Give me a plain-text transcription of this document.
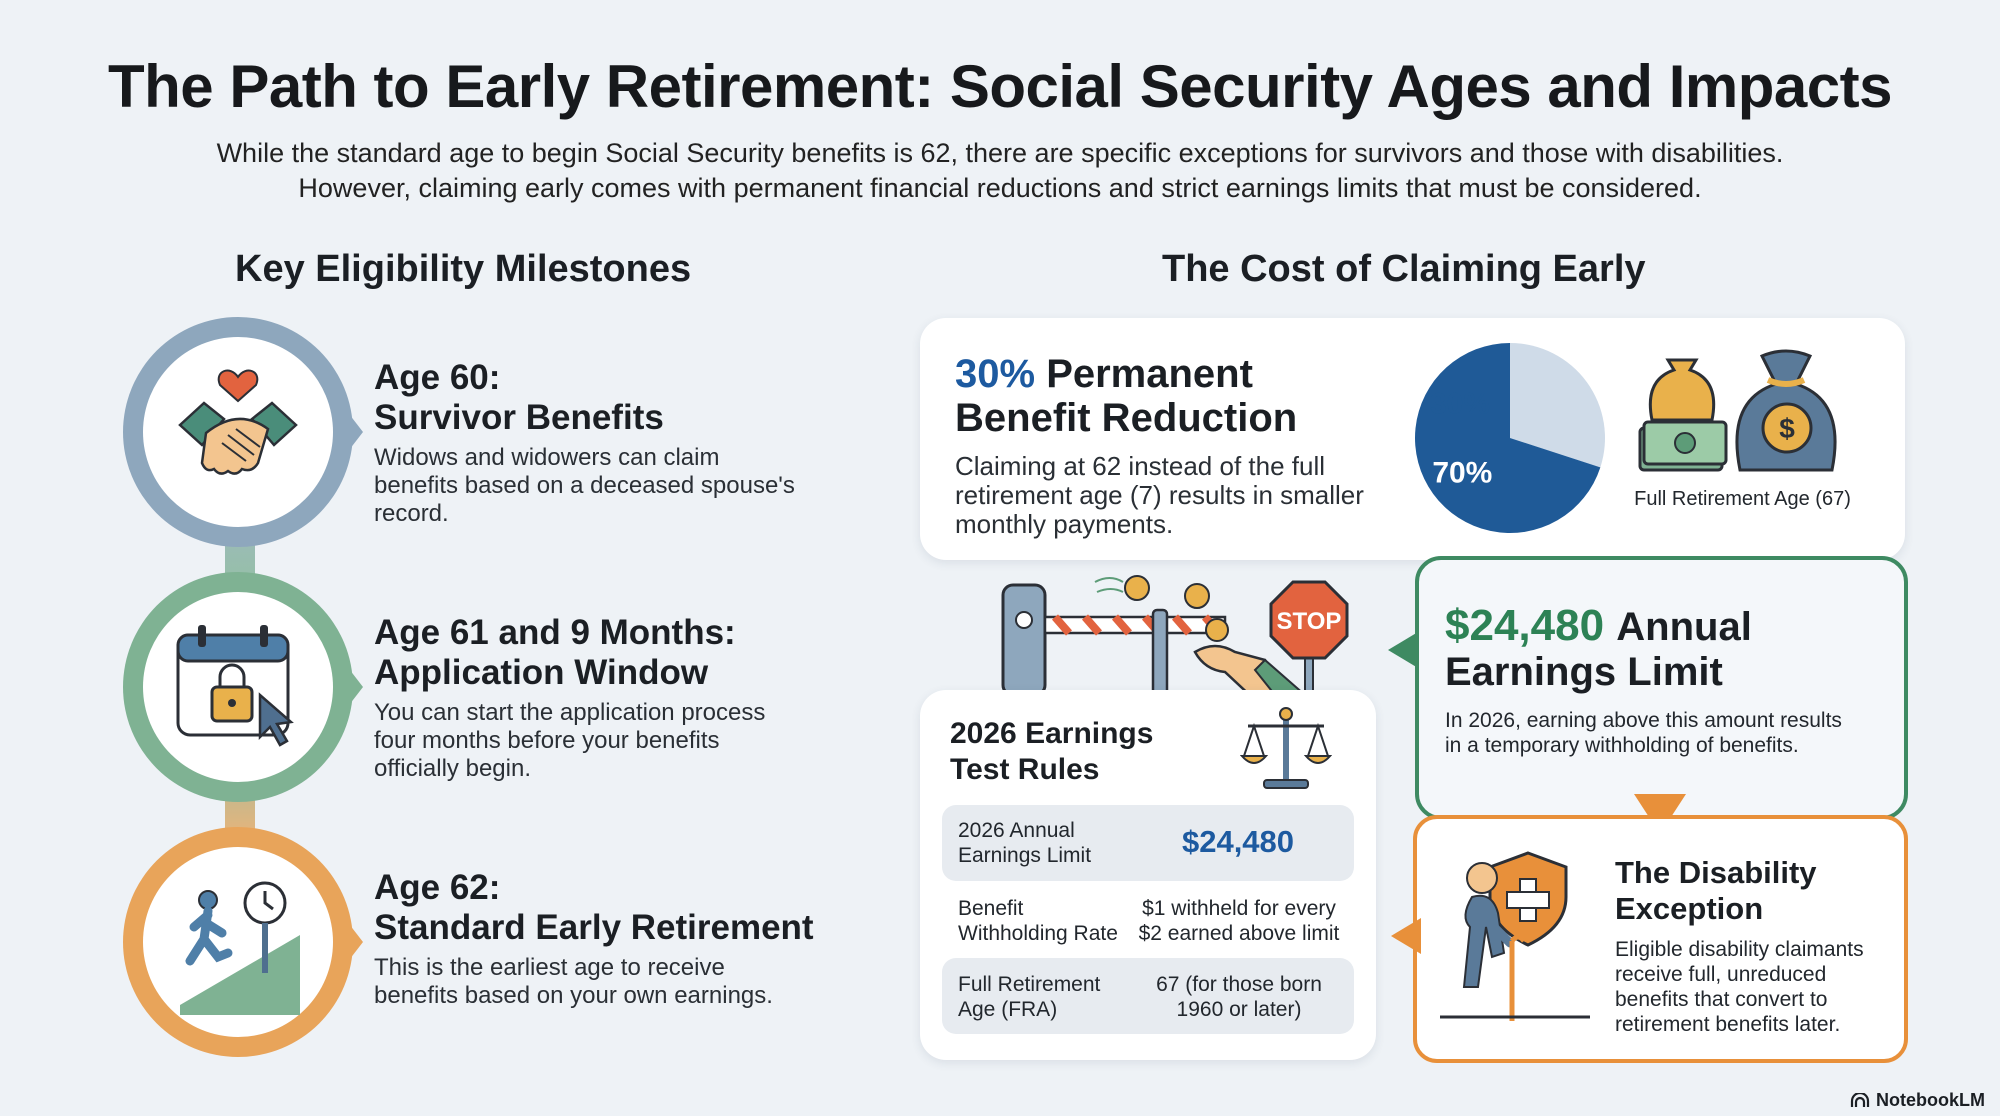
The Path to Early Retirement: Social Security Ages and Impacts
While the standard age to begin Social Security benefits is 62, there are specific exceptions for survivors and those with disabilities.
However, claiming early comes with permanent financial reductions and strict earnings limits that must be considered.
Key Eligibility Milestones	The Cost of Claiming Early
Age 60:
Survivor Benefits
Widows and widowers can claim
benefits based on a deceased spouse's
record.
Age 61 and 9 Months:
Application Window
You can start the application process
four months before your benefits
officially begin.
Age 62:
Standard Early Retirement
This is the earliest age to receive
benefits based on your own earnings.
30% Permanent
Benefit Reduction
Claiming at 62 instead of the full
retirement age (7) results in smaller
monthly payments.
30%
70%
$
Full Retirement Age (67)
STOP $24,480 Annual
Earnings Limit
In 2026, earning above this amount results
in a temporary withholding of benefits.
The Disability
Exception
Eligible disability claimants
receive full, unreduced
benefits that convert to
retirement benefits later.
2026 Earnings
Test Rules
2026 Annual
Earnings Limit	$24,480
Benefit
Withholding Rate
$1 withheld for every
$2 earned above limit
Full Retirement
Age (FRA)
67 (for those born
1960 or later)
NotebookLM
